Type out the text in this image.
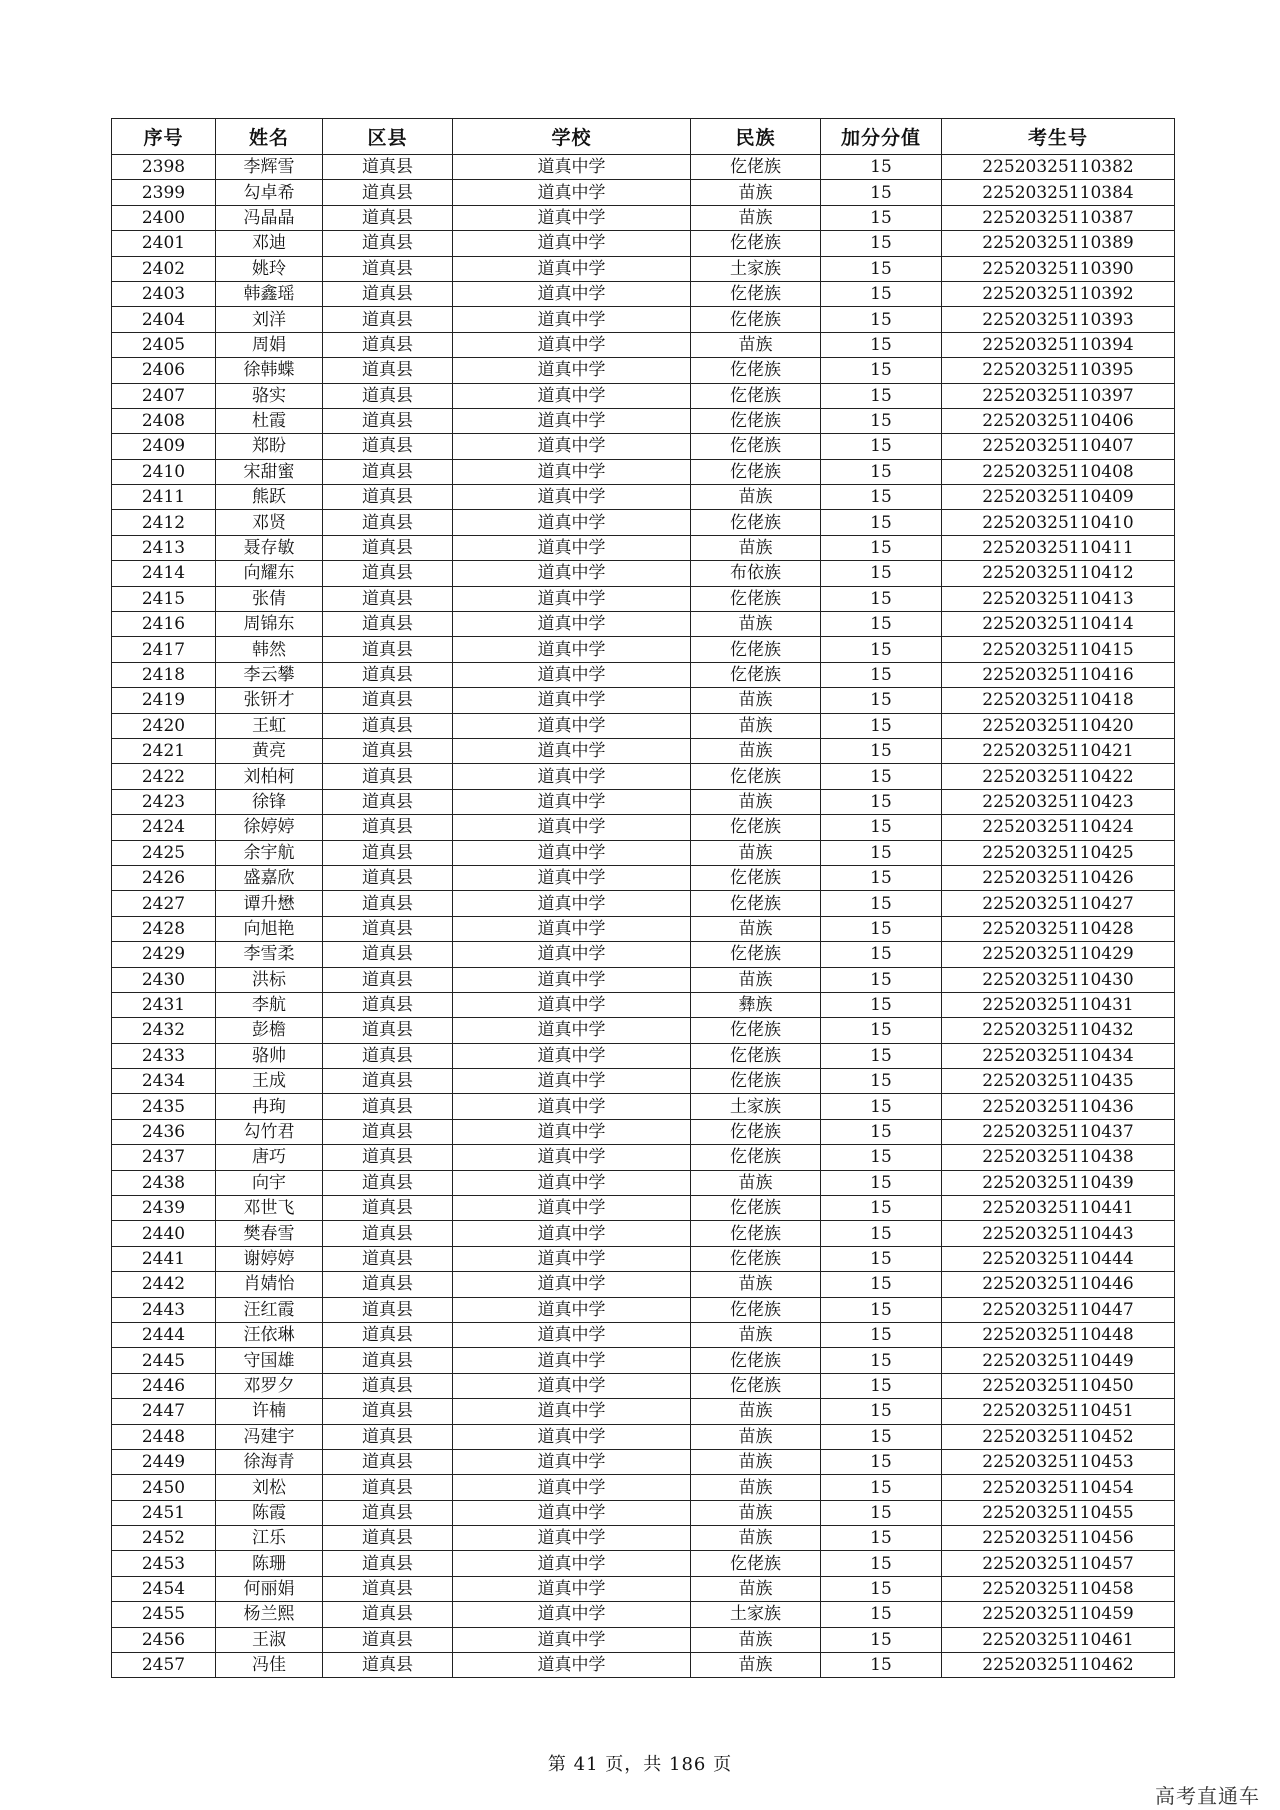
序号	姓名	区县	学校	民族	加分分值	考生号
2398	李辉雪	道真县	道真中学	仡佬族	15	22520325110382
2399	勾卓希	道真县	道真中学	苗族	15	22520325110384
2400	冯晶晶	道真县	道真中学	苗族	15	22520325110387
2401	邓迪	道真县	道真中学	仡佬族	15	22520325110389
2402	姚玲	道真县	道真中学	土家族	15	22520325110390
2403	韩鑫瑶	道真县	道真中学	仡佬族	15	22520325110392
2404	刘洋	道真县	道真中学	仡佬族	15	22520325110393
2405	周娟	道真县	道真中学	苗族	15	22520325110394
2406	徐韩蝶	道真县	道真中学	仡佬族	15	22520325110395
2407	骆实	道真县	道真中学	仡佬族	15	22520325110397
2408	杜霞	道真县	道真中学	仡佬族	15	22520325110406
2409	郑盼	道真县	道真中学	仡佬族	15	22520325110407
2410	宋甜蜜	道真县	道真中学	仡佬族	15	22520325110408
2411	熊跃	道真县	道真中学	苗族	15	22520325110409
2412	邓贤	道真县	道真中学	仡佬族	15	22520325110410
2413	聂存敏	道真县	道真中学	苗族	15	22520325110411
2414	向耀东	道真县	道真中学	布依族	15	22520325110412
2415	张倩	道真县	道真中学	仡佬族	15	22520325110413
2416	周锦东	道真县	道真中学	苗族	15	22520325110414
2417	韩然	道真县	道真中学	仡佬族	15	22520325110415
2418	李云攀	道真县	道真中学	仡佬族	15	22520325110416
2419	张钘才	道真县	道真中学	苗族	15	22520325110418
2420	王虹	道真县	道真中学	苗族	15	22520325110420
2421	黄亮	道真县	道真中学	苗族	15	22520325110421
2422	刘柏柯	道真县	道真中学	仡佬族	15	22520325110422
2423	徐锋	道真县	道真中学	苗族	15	22520325110423
2424	徐婷婷	道真县	道真中学	仡佬族	15	22520325110424
2425	余宇航	道真县	道真中学	苗族	15	22520325110425
2426	盛嘉欣	道真县	道真中学	仡佬族	15	22520325110426
2427	谭升懋	道真县	道真中学	仡佬族	15	22520325110427
2428	向旭艳	道真县	道真中学	苗族	15	22520325110428
2429	李雪柔	道真县	道真中学	仡佬族	15	22520325110429
2430	洪标	道真县	道真中学	苗族	15	22520325110430
2431	李航	道真县	道真中学	彝族	15	22520325110431
2432	彭檐	道真县	道真中学	仡佬族	15	22520325110432
2433	骆帅	道真县	道真中学	仡佬族	15	22520325110434
2434	王成	道真县	道真中学	仡佬族	15	22520325110435
2435	冉珣	道真县	道真中学	土家族	15	22520325110436
2436	勾竹君	道真县	道真中学	仡佬族	15	22520325110437
2437	唐巧	道真县	道真中学	仡佬族	15	22520325110438
2438	向宇	道真县	道真中学	苗族	15	22520325110439
2439	邓世飞	道真县	道真中学	仡佬族	15	22520325110441
2440	樊春雪	道真县	道真中学	仡佬族	15	22520325110443
2441	谢婷婷	道真县	道真中学	仡佬族	15	22520325110444
2442	肖婧怡	道真县	道真中学	苗族	15	22520325110446
2443	汪红霞	道真县	道真中学	仡佬族	15	22520325110447
2444	汪依琳	道真县	道真中学	苗族	15	22520325110448
2445	守国雄	道真县	道真中学	仡佬族	15	22520325110449
2446	邓罗夕	道真县	道真中学	仡佬族	15	22520325110450
2447	许楠	道真县	道真中学	苗族	15	22520325110451
2448	冯建宇	道真县	道真中学	苗族	15	22520325110452
2449	徐海青	道真县	道真中学	苗族	15	22520325110453
2450	刘松	道真县	道真中学	苗族	15	22520325110454
2451	陈霞	道真县	道真中学	苗族	15	22520325110455
2452	江乐	道真县	道真中学	苗族	15	22520325110456
2453	陈珊	道真县	道真中学	仡佬族	15	22520325110457
2454	何丽娟	道真县	道真中学	苗族	15	22520325110458
2455	杨兰熙	道真县	道真中学	土家族	15	22520325110459
2456	王淑	道真县	道真中学	苗族	15	22520325110461
2457	冯佳	道真县	道真中学	苗族	15	22520325110462
第 41 页，共 186 页
高考直通车
